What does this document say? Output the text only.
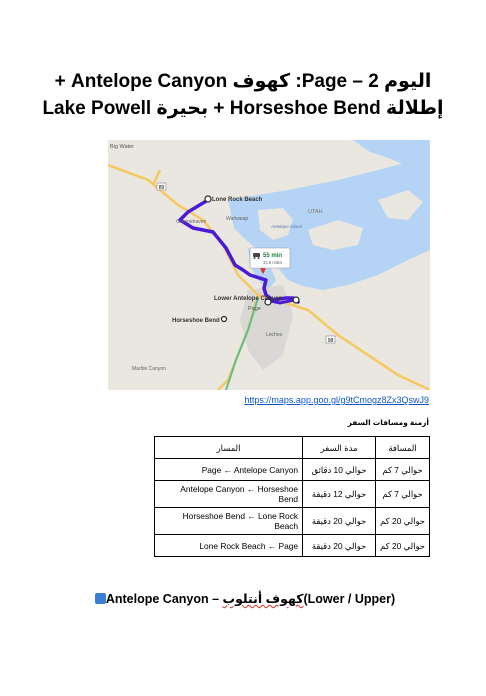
اليوم 2 – Page: كهوف Antelope Canyon +
إطلالة Horseshoe Bend + بحيرة Lake Powell
89
98
Big Water
Lone Rock Beach
Greenehaven	Wahweap
Antelope Island
UTAH
Lower Antelope Canyon
Horseshoe Bend
Page
Leches
Marble Canyon
55 min
33.8 miles
https://maps.app.goo.gl/g9tCmogz8Zx3QswJ9
أزمنة ومسافات السفر
المسافة	مدة السفر	المسار
حوالي 7 كم	حوالي 10 دقائق	Page ← Antelope Canyon
حوالي 7 كم	حوالي 12 دقيقة	Antelope Canyon ← Horseshoe Bend
حوالي 20 كم	حوالي 20 دقيقة	Horseshoe Bend ← Lone Rock Beach
حوالي 20 كم	حوالي 20 دقيقة	Lone Rock Beach ← Page
(Lower / Upper)كهوف أنتلوبAntelope Canyon –
